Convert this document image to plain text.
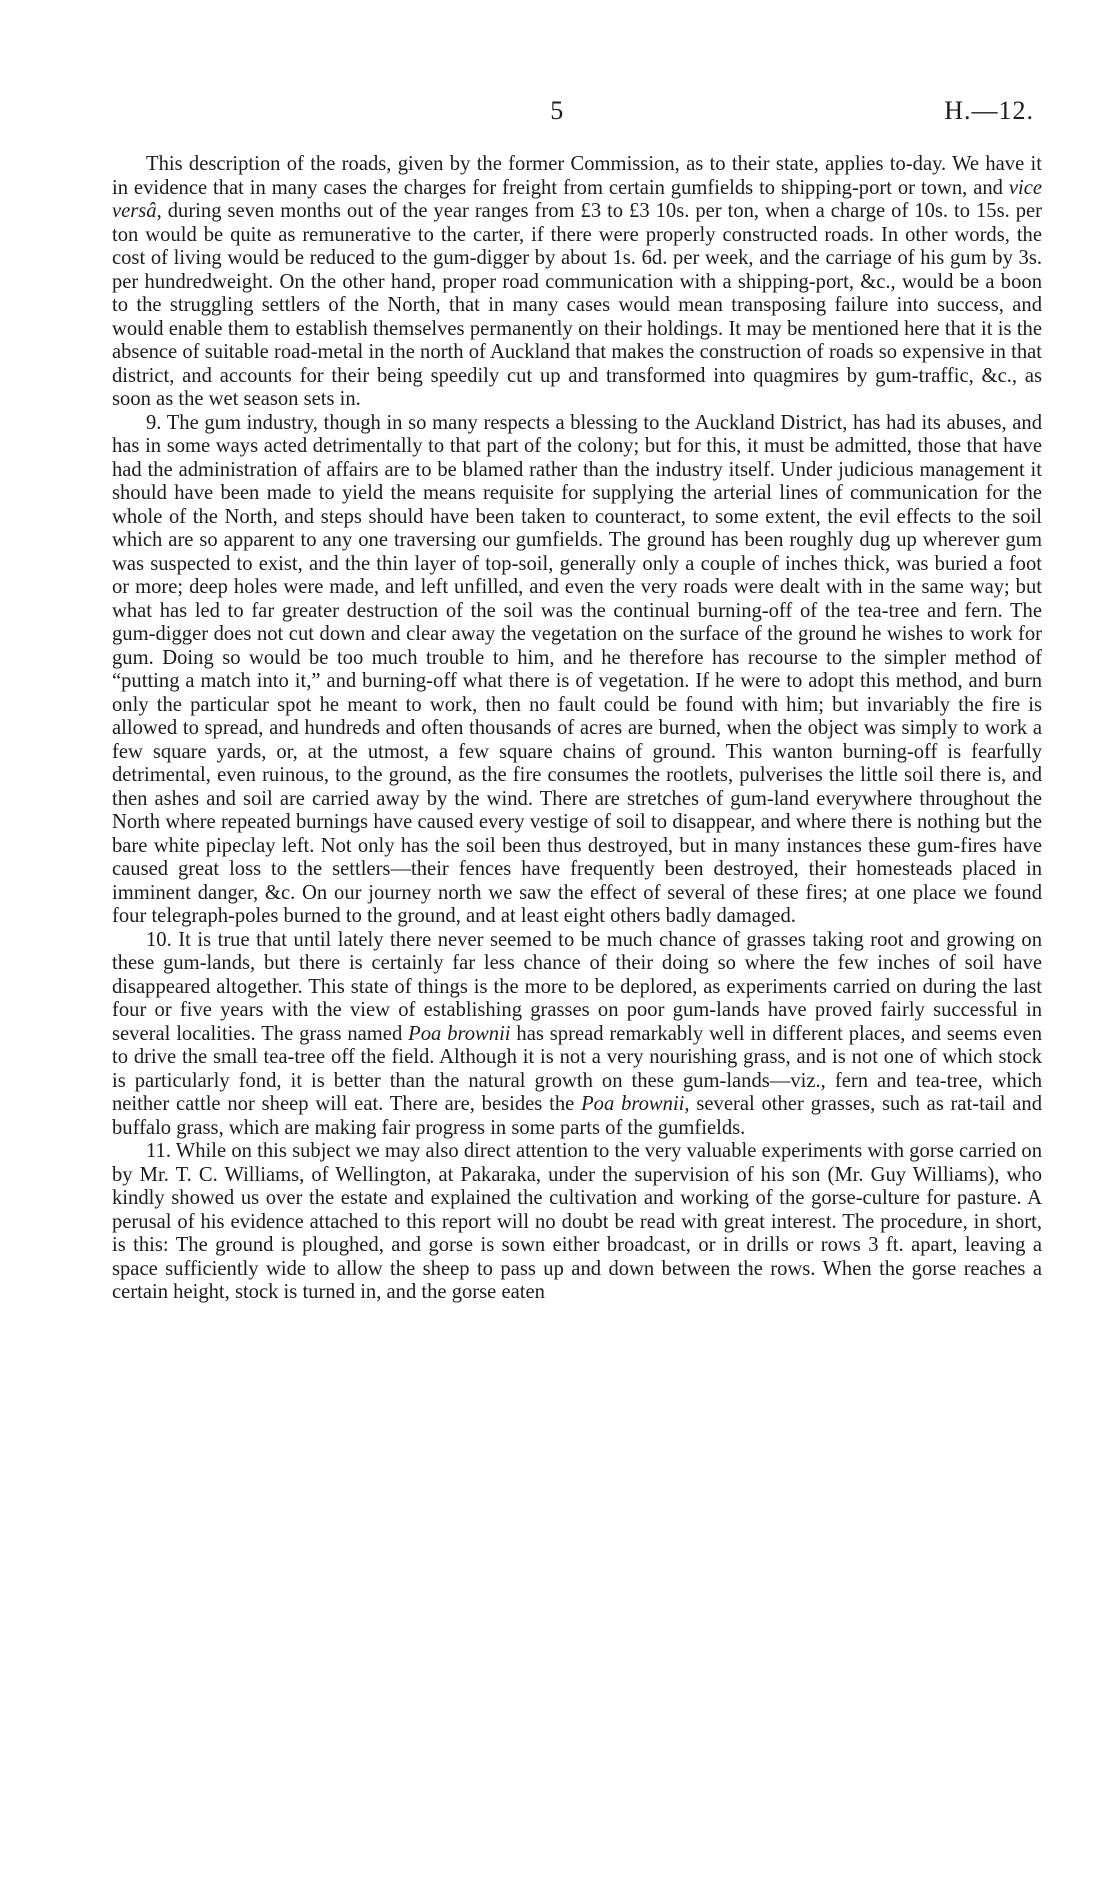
5	H.—12.

This description of the roads, given by the former Commission, as to their state, applies to-day. We have it in evidence that in many cases the charges for freight from certain gumfields to shipping-port or town, and vice versâ, during seven months out of the year ranges from £3 to £3 10s. per ton, when a charge of 10s. to 15s. per ton would be quite as remunerative to the carter, if there were properly constructed roads. In other words, the cost of living would be reduced to the gum-digger by about 1s. 6d. per week, and the carriage of his gum by 3s. per hundredweight. On the other hand, proper road communication with a shipping-port, &c., would be a boon to the struggling settlers of the North, that in many cases would mean transposing failure into success, and would enable them to establish themselves permanently on their holdings. It may be mentioned here that it is the absence of suitable road-metal in the north of Auckland that makes the construction of roads so expensive in that district, and accounts for their being speedily cut up and transformed into quagmires by gum-traffic, &c., as soon as the wet season sets in.

9. The gum industry, though in so many respects a blessing to the Auckland District, has had its abuses, and has in some ways acted detrimentally to that part of the colony; but for this, it must be admitted, those that have had the administration of affairs are to be blamed rather than the industry itself. Under judicious management it should have been made to yield the means requisite for supplying the arterial lines of communication for the whole of the North, and steps should have been taken to counteract, to some extent, the evil effects to the soil which are so apparent to any one traversing our gumfields. The ground has been roughly dug up wherever gum was suspected to exist, and the thin layer of top-soil, generally only a couple of inches thick, was buried a foot or more; deep holes were made, and left unfilled, and even the very roads were dealt with in the same way; but what has led to far greater destruction of the soil was the continual burning-off of the tea-tree and fern. The gum-digger does not cut down and clear away the vegetation on the surface of the ground he wishes to work for gum. Doing so would be too much trouble to him, and he therefore has recourse to the simpler method of “putting a match into it,” and burning-off what there is of vegetation. If he were to adopt this method, and burn only the particular spot he meant to work, then no fault could be found with him; but invariably the fire is allowed to spread, and hundreds and often thousands of acres are burned, when the object was simply to work a few square yards, or, at the utmost, a few square chains of ground. This wanton burning-off is fearfully detrimental, even ruinous, to the ground, as the fire consumes the rootlets, pulverises the little soil there is, and then ashes and soil are carried away by the wind. There are stretches of gum-land everywhere throughout the North where repeated burnings have caused every vestige of soil to disappear, and where there is nothing but the bare white pipeclay left. Not only has the soil been thus destroyed, but in many instances these gum-fires have caused great loss to the settlers—their fences have frequently been destroyed, their homesteads placed in imminent danger, &c. On our journey north we saw the effect of several of these fires; at one place we found four telegraph-poles burned to the ground, and at least eight others badly damaged.

10. It is true that until lately there never seemed to be much chance of grasses taking root and growing on these gum-lands, but there is certainly far less chance of their doing so where the few inches of soil have disappeared altogether. This state of things is the more to be deplored, as experiments carried on during the last four or five years with the view of establishing grasses on poor gum-lands have proved fairly successful in several localities. The grass named Poa brownii has spread remarkably well in different places, and seems even to drive the small tea-tree off the field. Although it is not a very nourishing grass, and is not one of which stock is particularly fond, it is better than the natural growth on these gum-lands—viz., fern and tea-tree, which neither cattle nor sheep will eat. There are, besides the Poa brownii, several other grasses, such as rat-tail and buffalo grass, which are making fair progress in some parts of the gumfields.

11. While on this subject we may also direct attention to the very valuable experiments with gorse carried on by Mr. T. C. Williams, of Wellington, at Pakaraka, under the supervision of his son (Mr. Guy Williams), who kindly showed us over the estate and explained the cultivation and working of the gorse-culture for pasture. A perusal of his evidence attached to this report will no doubt be read with great interest. The procedure, in short, is this: The ground is ploughed, and gorse is sown either broadcast, or in drills or rows 3 ft. apart, leaving a space sufficiently wide to allow the sheep to pass up and down between the rows. When the gorse reaches a certain height, stock is turned in, and the gorse eaten
